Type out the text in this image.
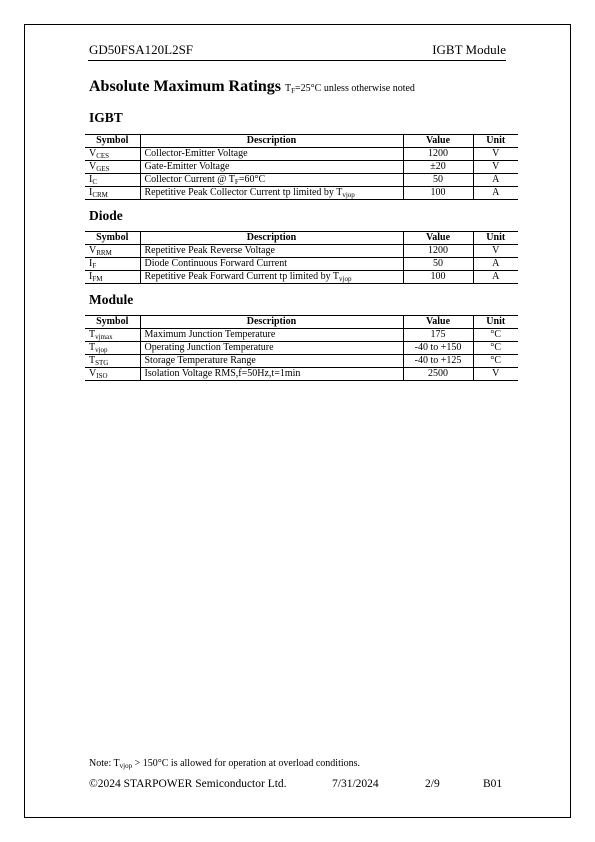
GD50FSA120L2SF	IGBT Module
Absolute Maximum Ratings $T_F=25^\circ C$ unless otherwise noted
IGBT
Symbol	Description	Value	Unit
$V_{CES}$	Collector-Emitter Voltage	1200	V
$V_{GES}$	Gate-Emitter Voltage	±20	V
$I_C$	Collector Current @ $T_F=60^\circ C$	50	A
$I_{CRM}$	Repetitive Peak Collector Current tp limited by $T_{vjop}$	100	A
Diode
Symbol	Description	Value	Unit
$V_{RRM}$	Repetitive Peak Reverse Voltage	1200	V
$I_F$	Diode Continuous Forward Current	50	A
$I_{FM}$	Repetitive Peak Forward Current tp limited by $T_{vjop}$	100	A
Module
Symbol	Description	Value	Unit
$T_{vjmax}$	Maximum Junction Temperature	175	°C
$T_{vjop}$	Operating Junction Temperature	-40 to +150	°C
$T_{STG}$	Storage Temperature Range	-40 to +125	°C
$V_{ISO}$	Isolation Voltage RMS,f=50Hz,t=1min	2500	V
Note: $T_{vjop} > 150^\circ C$ is allowed for operation at overload conditions.
©2024 STARPOWER Semiconductor Ltd.	7/31/2024	2/9	B01
